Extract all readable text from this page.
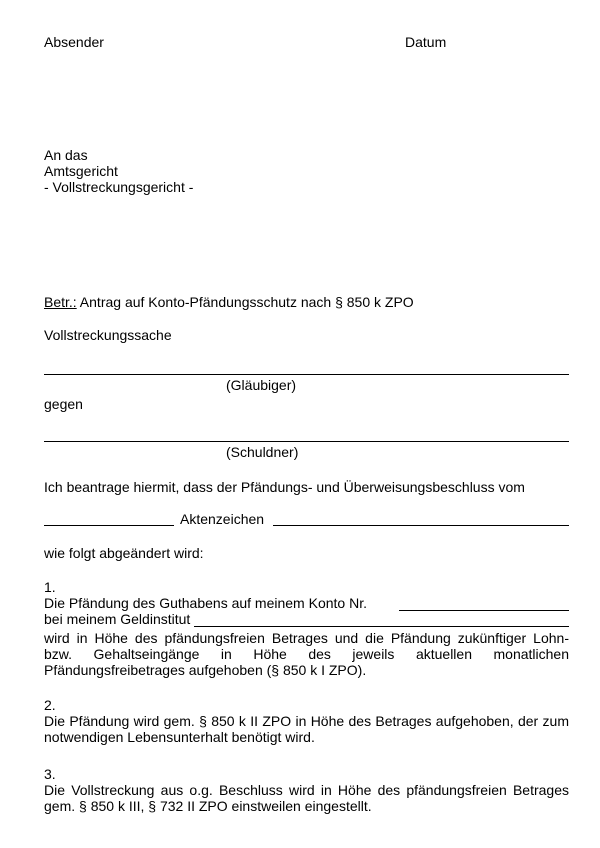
Absender	Datum
An das
Amtsgericht
- Vollstreckungsgericht -
Betr.: Antrag auf Konto-Pfändungsschutz nach § 850 k ZPO
Vollstreckungssache
(Gläubiger)
gegen
(Schuldner)
Ich beantrage hiermit, dass der Pfändungs- und Überweisungsbeschluss vom
Aktenzeichen
wie folgt abgeändert wird:
1.
Die Pfändung des Guthabens auf meinem Konto Nr.
bei meinem Geldinstitut
wird in Höhe des pfändungsfreien Betrages und die Pfändung zukünftiger Lohn- bzw. Gehaltseingänge in Höhe des jeweils aktuellen monatlichen Pfändungsfreibetrages aufgehoben (§ 850 k I ZPO).
2.
Die Pfändung wird gem. § 850 k II ZPO in Höhe des Betrages aufgehoben, der zum notwendigen Lebensunterhalt benötigt wird.
3.
Die Vollstreckung aus o.g. Beschluss wird in Höhe des pfändungsfreien Betrages gem. § 850 k III, § 732 II ZPO einstweilen eingestellt.
